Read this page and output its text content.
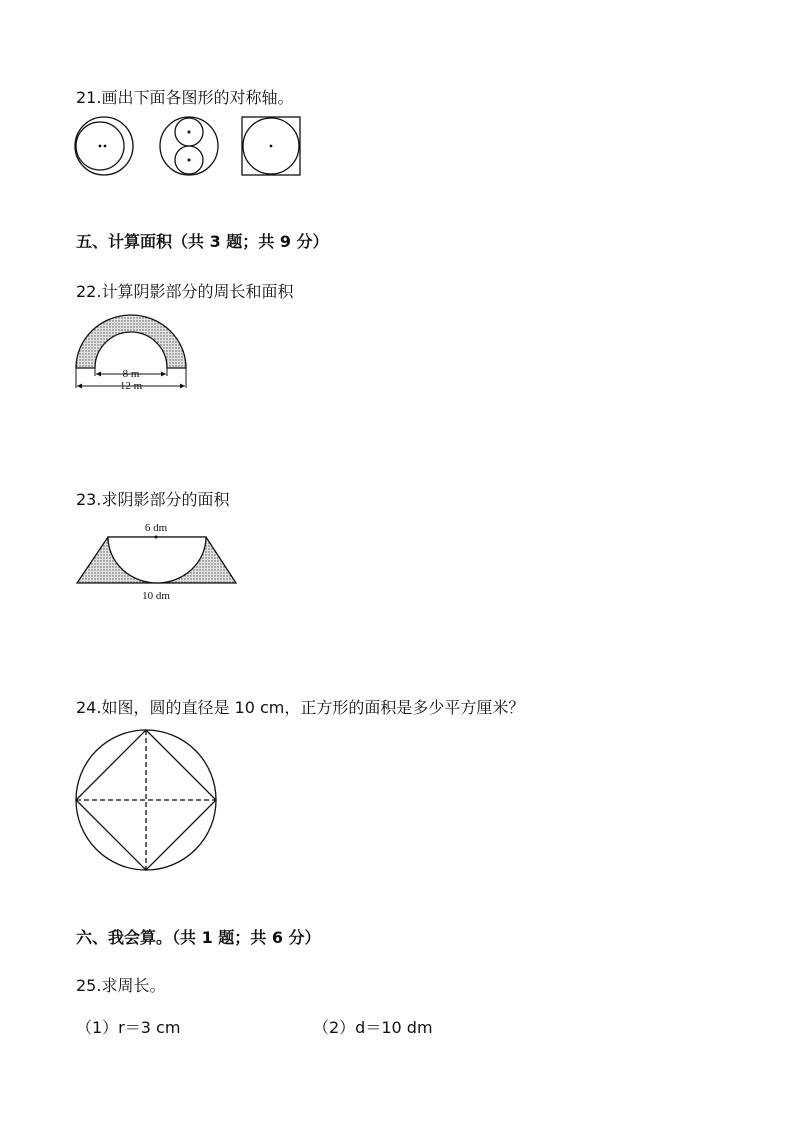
21.画出下面各图形的对称轴。
五、计算面积（共 3 题；共 9 分）
22.计算阴影部分的周长和面积
8 m
12 m
23.求阴影部分的面积
6 dm
10 dm
24.如图，圆的直径是 10 cm，正方形的面积是多少平方厘米？
六、我会算。（共 1 题；共 6 分）
25.求周长。
（1）r＝3 cm	（2）d＝10 dm
